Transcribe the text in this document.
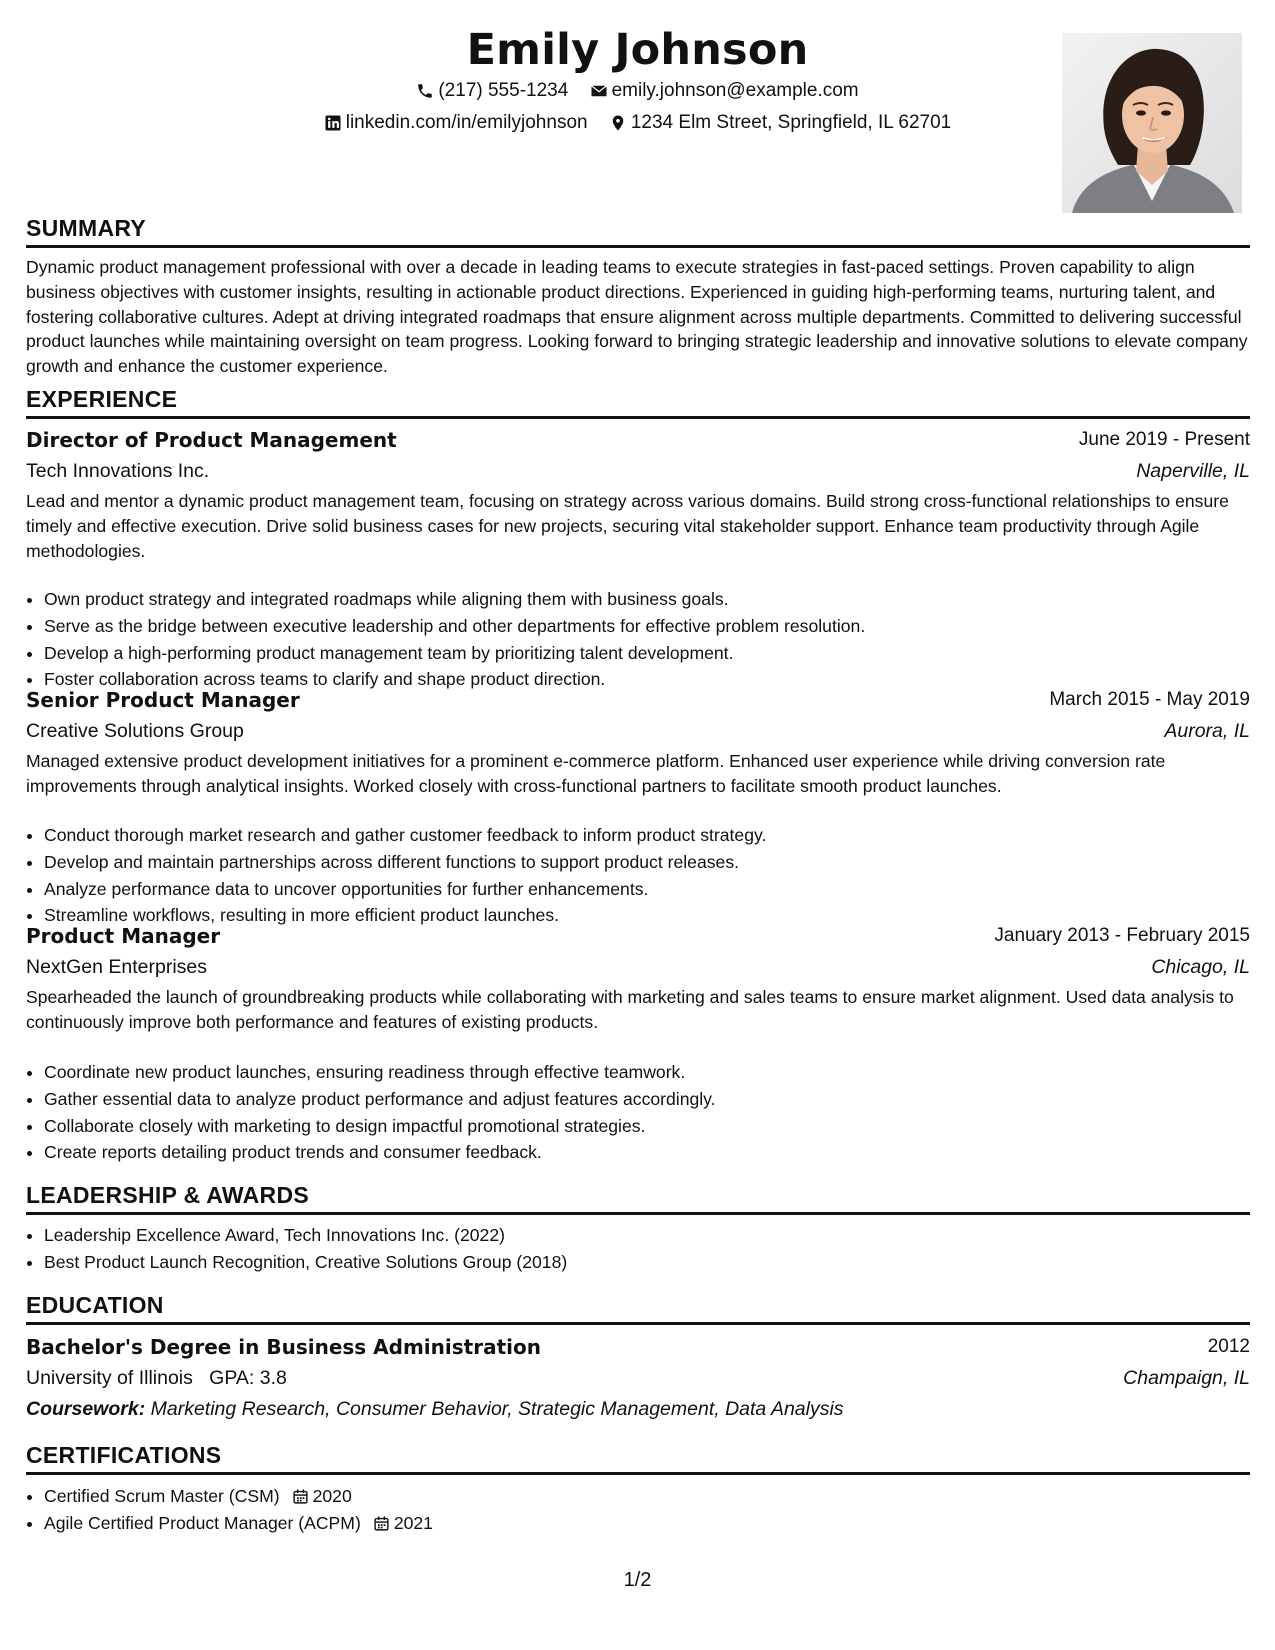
Emily Johnson
(217) 555-1234
emily.johnson@example.com
linkedin.com/in/emilyjohnson
1234 Elm Street, Springfield, IL 62701
SUMMARY
Dynamic product management professional with over a decade in leading teams to execute strategies in fast-paced settings. Proven capability to align business objectives with customer insights, resulting in actionable product directions. Experienced in guiding high-performing teams, nurturing talent, and fostering collaborative cultures. Adept at driving integrated roadmaps that ensure alignment across multiple departments. Committed to delivering successful product launches while maintaining oversight on team progress. Looking forward to bringing strategic leadership and innovative solutions to elevate company growth and enhance the customer experience.
EXPERIENCE
Director of Product Management	June 2019 - Present
Tech Innovations Inc.	Naperville, IL
Lead and mentor a dynamic product management team, focusing on strategy across various domains. Build strong cross-functional relationships to ensure timely and effective execution. Drive solid business cases for new projects, securing vital stakeholder support. Enhance team productivity through Agile methodologies.
• Own product strategy and integrated roadmaps while aligning them with business goals.
• Serve as the bridge between executive leadership and other departments for effective problem resolution.
• Develop a high-performing product management team by prioritizing talent development.
• Foster collaboration across teams to clarify and shape product direction.
Senior Product Manager	March 2015 - May 2019
Creative Solutions Group	Aurora, IL
Managed extensive product development initiatives for a prominent e-commerce platform. Enhanced user experience while driving conversion rate improvements through analytical insights. Worked closely with cross-functional partners to facilitate smooth product launches.
• Conduct thorough market research and gather customer feedback to inform product strategy.
• Develop and maintain partnerships across different functions to support product releases.
• Analyze performance data to uncover opportunities for further enhancements.
• Streamline workflows, resulting in more efficient product launches.
Product Manager	January 2013 - February 2015
NextGen Enterprises	Chicago, IL
Spearheaded the launch of groundbreaking products while collaborating with marketing and sales teams to ensure market alignment. Used data analysis to continuously improve both performance and features of existing products.
• Coordinate new product launches, ensuring readiness through effective teamwork.
• Gather essential data to analyze product performance and adjust features accordingly.
• Collaborate closely with marketing to design impactful promotional strategies.
• Create reports detailing product trends and consumer feedback.
LEADERSHIP & AWARDS
• Leadership Excellence Award, Tech Innovations Inc. (2022)
• Best Product Launch Recognition, Creative Solutions Group (2018)
EDUCATION
Bachelor's Degree in Business Administration	2012
University of Illinois GPA: 3.8	Champaign, IL
Coursework: Marketing Research, Consumer Behavior, Strategic Management, Data Analysis
CERTIFICATIONS
• Certified Scrum Master (CSM) 2020
• Agile Certified Product Manager (ACPM) 2021
1/2
